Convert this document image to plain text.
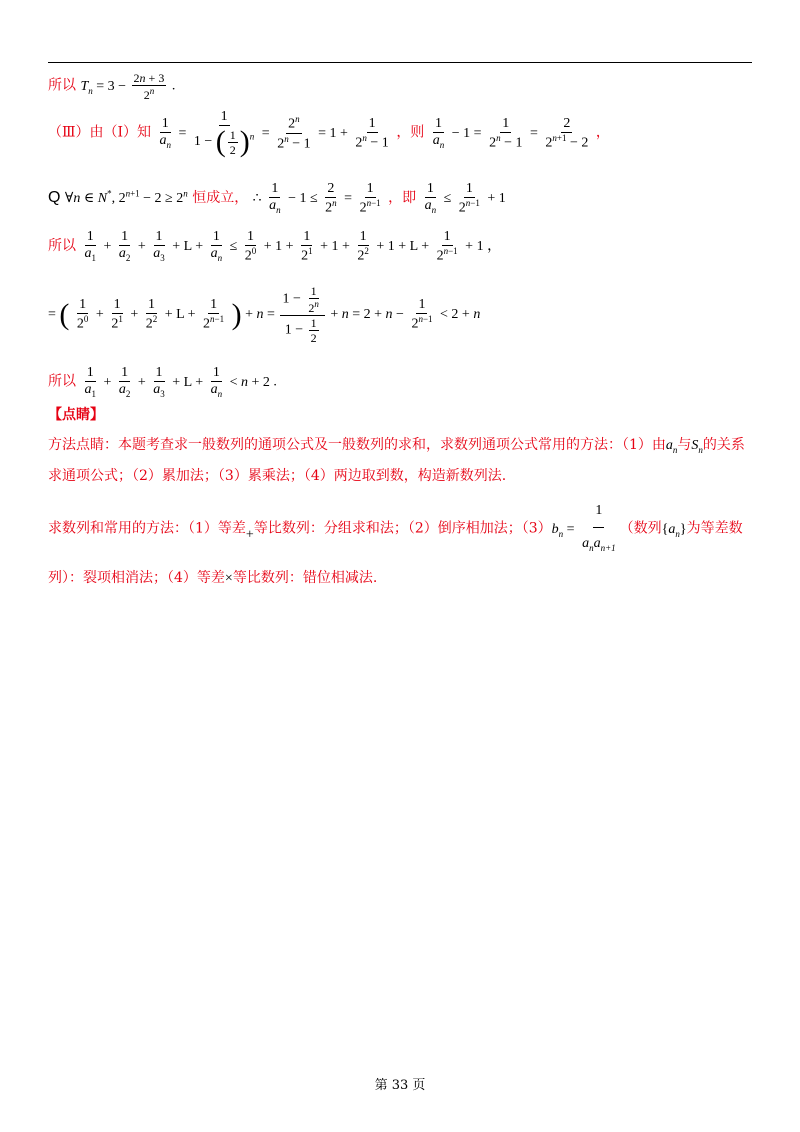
所以 $T_n = 3 - \frac{2n + 3}{2^n}$ .
（Ⅲ）由（Ⅰ）知 $\frac{1}{a_n} = \frac{1}{1 - ( \frac{1}{2} )^n} = \frac{2^n}{2^n - 1} = 1 + \frac{1}{2^n - 1}$ ，则 $\frac{1}{a_n} - 1 = \frac{1}{2^n - 1} = \frac{2}{2^{n+1} - 2}$ ，
Q ∀n ∈ N*, $2^{n+1} - 2 \ge 2^n$ 恒成立， ∴ $\frac{1}{a_n} - 1 \le \frac{2}{2^n} = \frac{1}{2^{n-1}}$ ，即 $\frac{1}{a_n} \le \frac{1}{2^{n-1}} + 1$
所以 $\frac{1}{a_1} + \frac{1}{a_2} + \frac{1}{a_3} + L + \frac{1}{a_n} \le \frac{1}{2^0} + 1 + \frac{1}{2^1} + 1 + \frac{1}{2^2} + 1 + L + \frac{1}{2^{n-1}} + 1$ ，
= ( $\frac{1}{2^0} + \frac{1}{2^1} + \frac{1}{2^2} + L + \frac{1}{2^{n-1}}$ ) + $n = \frac{1 - \frac{1}{2^n}}{1 - \frac{1}{2}} + n = 2 + n - \frac{1}{2^{n-1}} < 2 + n$
所以 $\frac{1}{a_1} + \frac{1}{a_2} + \frac{1}{a_3} + L + \frac{1}{a_n} < n + 2$ .
【点睛】
方法点睛：本题考查求一般数列的通项公式及一般数列的求和，求数列通项公式常用的方法：（1）由$a_n$与$S_n$的关系求通项公式；（2）累加法；（3）累乘法；（4）两边取到数，构造新数列法.
求数列和常用的方法：（1）等差+等比数列：分组求和法；（2）倒序相加法；$(3)b_n = \frac{1}{a_na_{n+1}}$ （数列$\{a_n\}$为等差数列）：裂项相消法；（4）等差×等比数列：错位相减法.
第 33 页
